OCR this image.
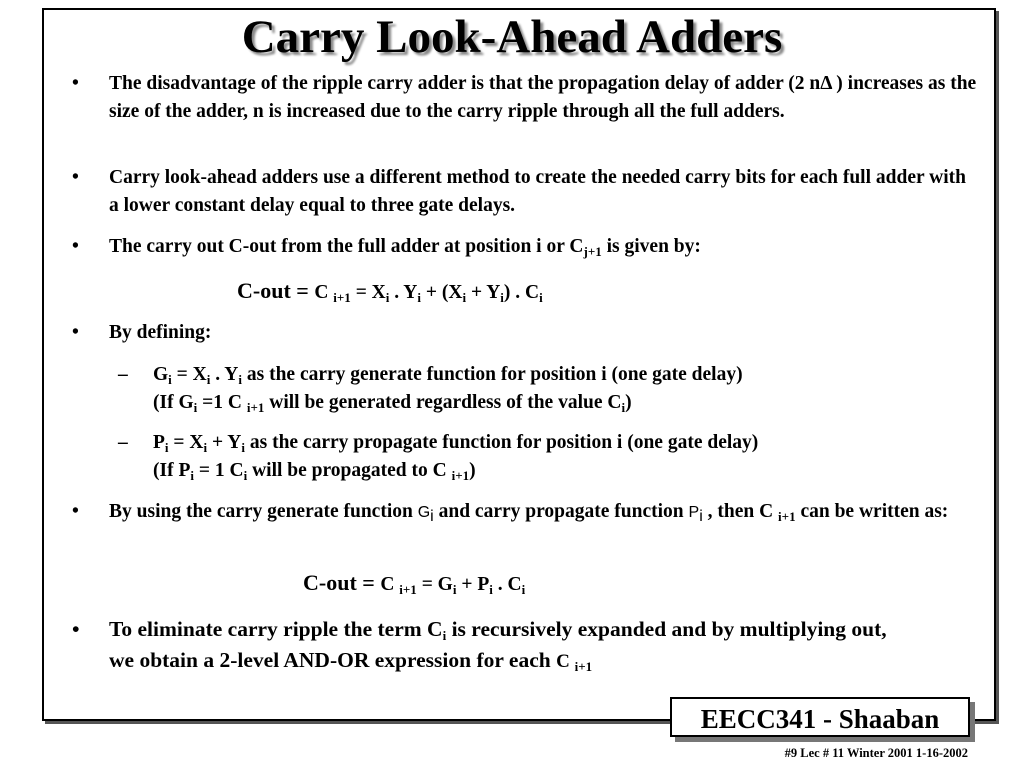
Carry Look-Ahead Adders
• The disadvantage of the ripple carry adder is that the propagation delay of adder (2 nΔ ) increases as the size of the adder, n is increased due to the carry ripple through all the full adders.
• Carry look-ahead adders use a different method to create the needed carry bits for each full adder with a lower constant delay equal to three gate delays.
• The carry out C-out from the full adder at position i or $C_{j+1}$ is given by:
C-out = C $_{i+1} = X_i$ . $Y_i + (X_i + Y_i)$ . $C_i$
• By defining:
– $G_i = X_i$ . $Y_i$ as the carry generate function for position i (one gate delay)
(If $G_i =1$ C $_{i+1}$ will be generated regardless of the value $C_i$)
– $P_i = X_i + Y_i$ as the carry propagate function for position i (one gate delay)
(If $P_i = 1$ $C_i$ will be propagated to C $_{i+1}$)
• By using the carry generate function $G_i$ and carry propagate function $P_i$ , then C $_{i+1}$ can be written as:
C-out = C $_{i+1} = G_i + P_i$ . $C_i$
• To eliminate carry ripple the term $C_i$ is recursively expanded and by multiplying out, we obtain a 2-level AND-OR expression for each C $_{i+1}$
EECC341 - Shaaban
#9 Lec # 11 Winter 2001 1-16-2002
